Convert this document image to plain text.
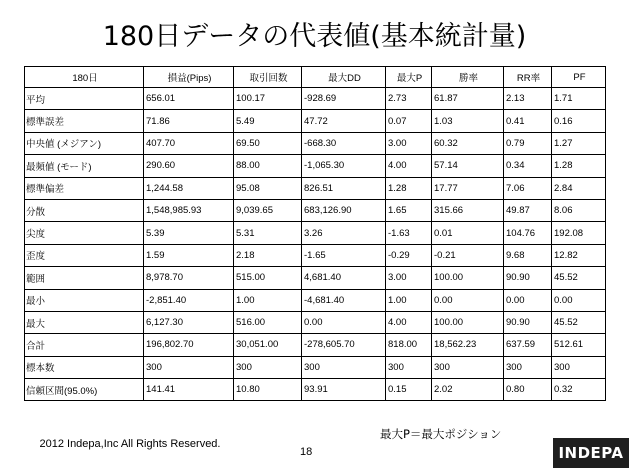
180日データの代表値(基本統計量)
180日	損益(Pips)	取引回数	最大DD	最大P	勝率	RR率	PF
平均	656.01	100.17	-928.69	2.73	61.87	2.13	1.71
標準誤差	71.86	5.49	47.72	0.07	1.03	0.41	0.16
中央値 (メジアン)	407.70	69.50	-668.30	3.00	60.32	0.79	1.27
最頻値 (モード)	290.60	88.00	-1,065.30	4.00	57.14	0.34	1.28
標準偏差	1,244.58	95.08	826.51	1.28	17.77	7.06	2.84
分散	1,548,985.93	9,039.65	683,126.90	1.65	315.66	49.87	8.06
尖度	5.39	5.31	3.26	-1.63	0.01	104.76	192.08
歪度	1.59	2.18	-1.65	-0.29	-0.21	9.68	12.82
範囲	8,978.70	515.00	4,681.40	3.00	100.00	90.90	45.52
最小	-2,851.40	1.00	-4,681.40	1.00	0.00	0.00	0.00
最大	6,127.30	516.00	0.00	4.00	100.00	90.90	45.52
合計	196,802.70	30,051.00	-278,605.70	818.00	18,562.23	637.59	512.61
標本数	300	300	300	300	300	300	300
信頼区間(95.0%)	141.41	10.80	93.91	0.15	2.02	0.80	0.32
最大P＝最大ポジション
2012 Indepa,Inc All Rights Reserved.
18	INDEPA
